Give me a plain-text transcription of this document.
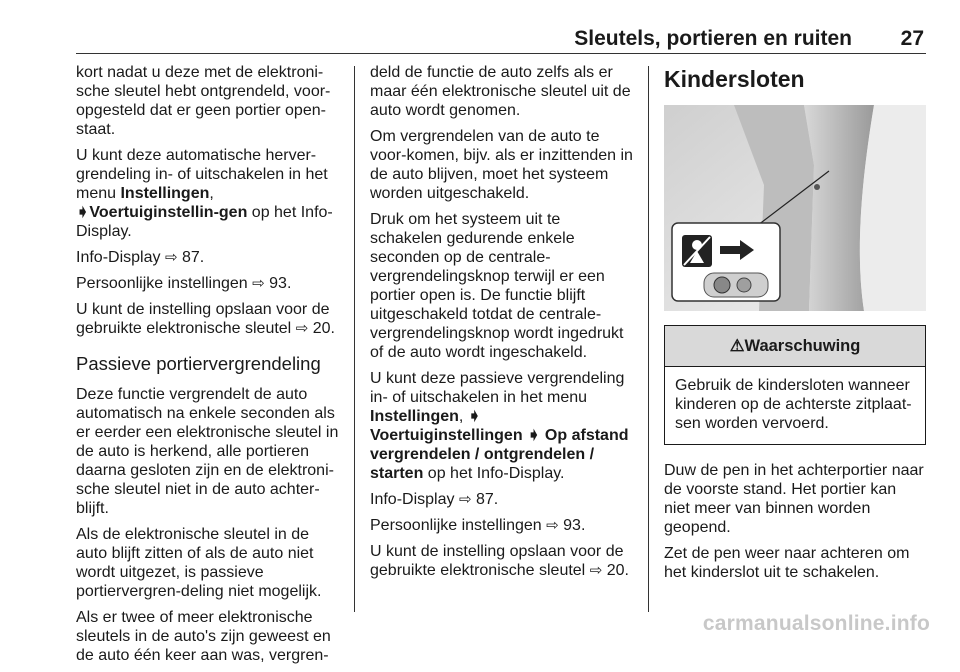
Sleutels, portieren en ruiten 27

kort nadat u deze met de elektroni-sche sleutel hebt ontgrendeld, voor-opgesteld dat er geen portier open-staat.

U kunt deze automatische herver-grendeling in- of uitschakelen in het menu Instellingen, ➧Voertuiginstellin-gen op het Info-Display.

Info-Display ⇨ 87.

Persoonlijke instellingen ⇨ 93.

U kunt de instelling opslaan voor de gebruikte elektronische sleutel ⇨ 20.

Passieve portiervergrendeling

Deze functie vergrendelt de auto automatisch na enkele seconden als er eerder een elektronische sleutel in de auto is herkend, alle portieren daarna gesloten zijn en de elektroni-sche sleutel niet in de auto achter-blijft.

Als de elektronische sleutel in de auto blijft zitten of als de auto niet wordt uitgezet, is passieve portiervergren-deling niet mogelijk.

Als er twee of meer elektronische sleutels in de auto's zijn geweest en de auto één keer aan was, vergren-

deld de functie de auto zelfs als er maar één elektronische sleutel uit de auto wordt genomen.

Om vergrendelen van de auto te voor-komen, bijv. als er inzittenden in de auto blijven, moet het systeem worden uitgeschakeld.

Druk om het systeem uit te schakelen gedurende enkele seconden op de centrale-vergrendelingsknop terwijl er een portier open is. De functie blijft uitgeschakeld totdat de centrale-vergrendelingsknop wordt ingedrukt of de auto wordt ingeschakeld.

U kunt deze passieve vergrendeling in- of uitschakelen in het menu Instellingen, ➧ Voertuiginstellingen ➧ Op afstand vergrendelen / ontgrendelen / starten op het Info-Display.

Info-Display ⇨ 87.

Persoonlijke instellingen ⇨ 93.

U kunt de instelling opslaan voor de gebruikte elektronische sleutel ⇨ 20.

Kindersloten
⚠Waarschuwing
Gebruik de kindersloten wanneer kinderen op de achterste zitplaat-sen worden vervoerd.

Duw de pen in het achterportier naar de voorste stand. Het portier kan niet meer van binnen worden geopend.

Zet de pen weer naar achteren om het kinderslot uit te schakelen.

carmanualsonline.info
